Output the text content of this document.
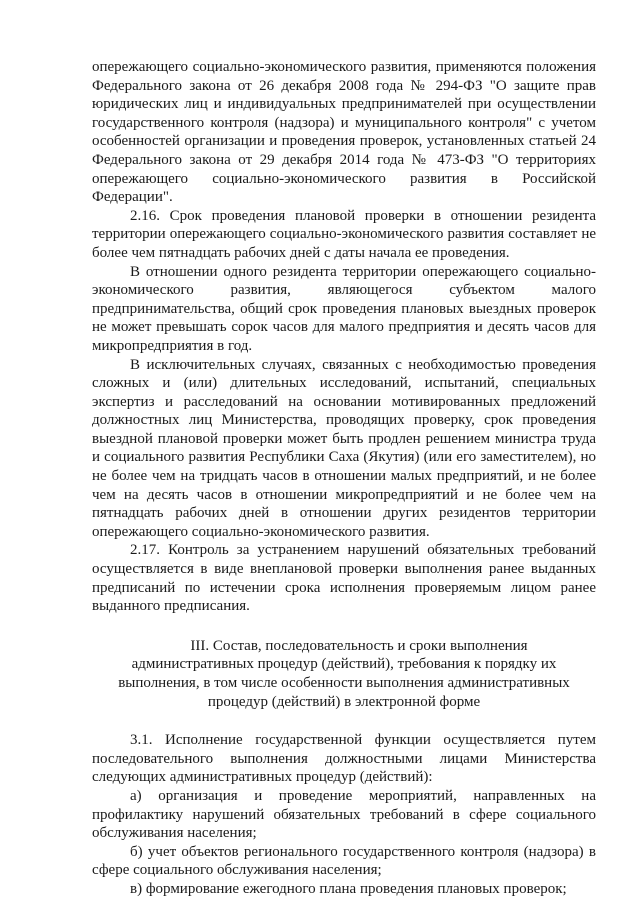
опережающего социально-экономического развития, применяются положения Федерального закона от 26 декабря 2008 года № 294-ФЗ "О защите прав юридических лиц и индивидуальных предпринимателей при осуществлении государственного контроля (надзора) и муниципального контроля" с учетом особенностей организации и проведения проверок, установленных статьей 24 Федерального закона от 29 декабря 2014 года № 473-ФЗ "О территориях опережающего социально-экономического развития в Российской Федерации".

2.16. Срок проведения плановой проверки в отношении резидента территории опережающего социально-экономического развития составляет не более чем пятнадцать рабочих дней с даты начала ее проведения.

В отношении одного резидента территории опережающего социально-экономического развития, являющегося субъектом малого предпринимательства, общий срок проведения плановых выездных проверок не может превышать сорок часов для малого предприятия и десять часов для микропредприятия в год.

В исключительных случаях, связанных с необходимостью проведения сложных и (или) длительных исследований, испытаний, специальных экспертиз и расследований на основании мотивированных предложений должностных лиц Министерства, проводящих проверку, срок проведения выездной плановой проверки может быть продлен решением министра труда и социального развития Республики Саха (Якутия) (или его заместителем), но не более чем на тридцать часов в отношении малых предприятий, и не более чем на десять часов в отношении микропредприятий и не более чем на пятнадцать рабочих дней в отношении других резидентов территории опережающего социально-экономического развития.

2.17. Контроль за устранением нарушений обязательных требований осуществляется в виде внеплановой проверки выполнения ранее выданных предписаний по истечении срока исполнения проверяемым лицом ранее выданного предписания.

III. Состав, последовательность и сроки выполнения
административных процедур (действий), требования к порядку их
выполнения, в том числе особенности выполнения административных
процедур (действий) в электронной форме

3.1. Исполнение государственной функции осуществляется путем последовательного выполнения должностными лицами Министерства следующих административных процедур (действий):

а) организация и проведение мероприятий, направленных на профилактику нарушений обязательных требований в сфере социального обслуживания населения;

б) учет объектов регионального государственного контроля (надзора) в сфере социального обслуживания населения;

в) формирование ежегодного плана проведения плановых проверок;
